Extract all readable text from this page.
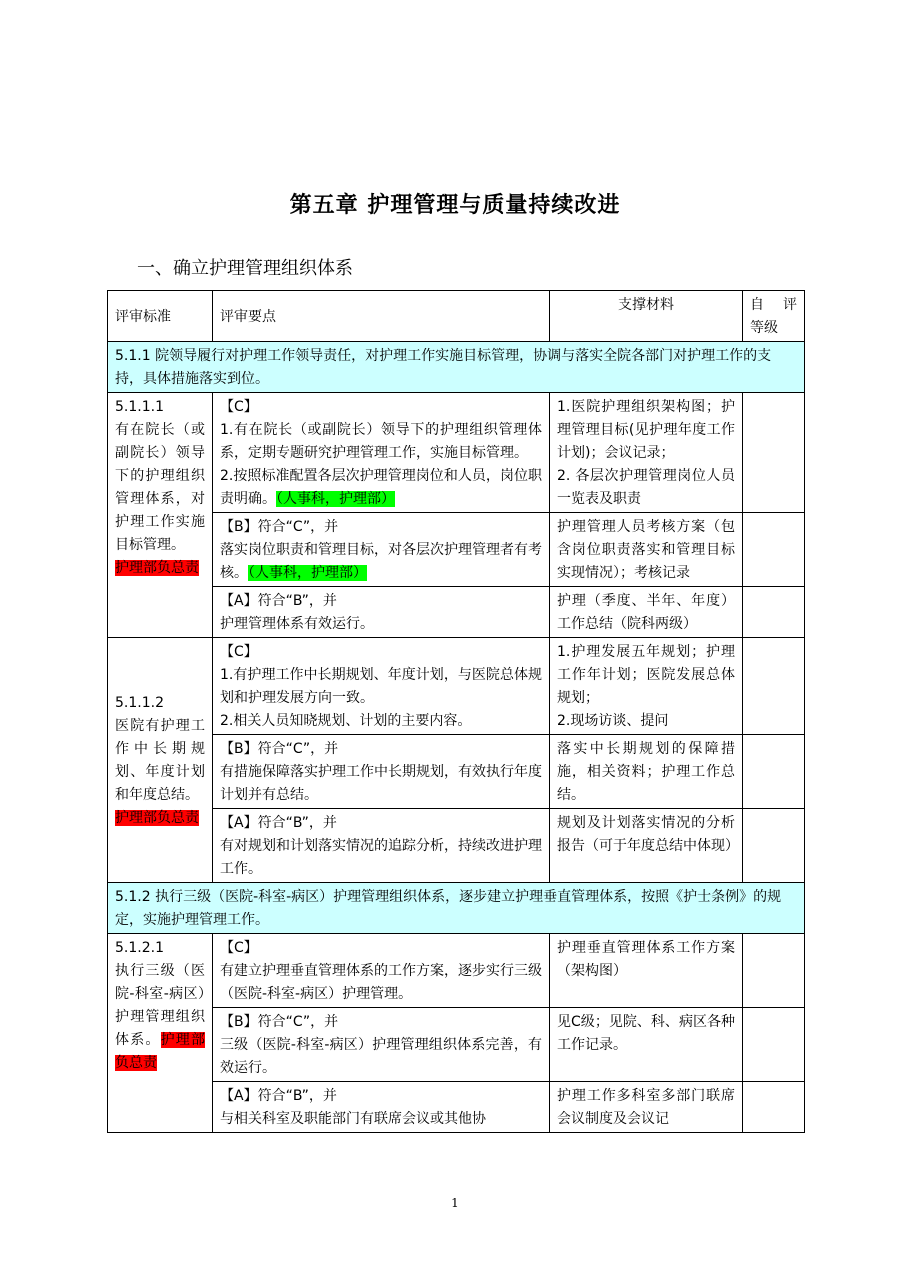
第五章 护理管理与质量持续改进
一、确立护理管理组织体系
评审标准	评审要点	支撑材料	自 评 等级
5.1.1 院领导履行对护理工作领导责任，对护理工作实施目标管理，协调与落实全院各部门对护理工作的支持，具体措施落实到位。			
5.1.1.1
有在院长（或副院长）领导下的护理组织管理体系，对护理工作实施目标管理。
护理部负总责	【C】
1.有在院长（或副院长）领导下的护理组织管理体系，定期专题研究护理管理工作，实施目标管理。
2.按照标准配置各层次护理管理岗位和人员，岗位职责明确。（人事科，护理部）	1.医院护理组织架构图；护理管理目标(见护理年度工作计划)；会议记录；
2. 各层次护理管理岗位人员一览表及职责	
	【B】符合“C”，并
落实岗位职责和管理目标，对各层次护理管理者有考核。（人事科，护理部）	护理管理人员考核方案（包含岗位职责落实和管理目标实现情况）；考核记录	
	【A】符合“B”，并
护理管理体系有效运行。	护理（季度、半年、年度）工作总结（院科两级）	
5.1.1.2
医院有护理工作中长期规划、年度计划和年度总结。
护理部负总责	【C】
1.有护理工作中长期规划、年度计划，与医院总体规划和护理发展方向一致。
2.相关人员知晓规划、计划的主要内容。	1.护理发展五年规划；护理工作年计划；医院发展总体规划；
2.现场访谈、提问	
	【B】符合“C”，并
有措施保障落实护理工作中长期规划，有效执行年度计划并有总结。	落实中长期规划的保障措施，相关资料；护理工作总结。	
	【A】符合“B”，并
有对规划和计划落实情况的追踪分析，持续改进护理工作。	规划及计划落实情况的分析报告（可于年度总结中体现）	
5.1.2 执行三级（医院-科室-病区）护理管理组织体系，逐步建立护理垂直管理体系，按照《护士条例》的规定，实施护理管理工作。			
5.1.2.1
执行三级（医院-科室-病区）护理管理组织体系。护理部负总责	【C】
有建立护理垂直管理体系的工作方案，逐步实行三级（医院-科室-病区）护理管理。	护理垂直管理体系工作方案（架构图）	
	【B】符合“C”，并
三级（医院-科室-病区）护理管理组织体系完善，有效运行。	见C级；见院、科、病区各种工作记录。	
	【A】符合“B”，并
与相关科室及职能部门有联席会议或其他协	护理工作多科室多部门联席会议制度及会议记	
1
